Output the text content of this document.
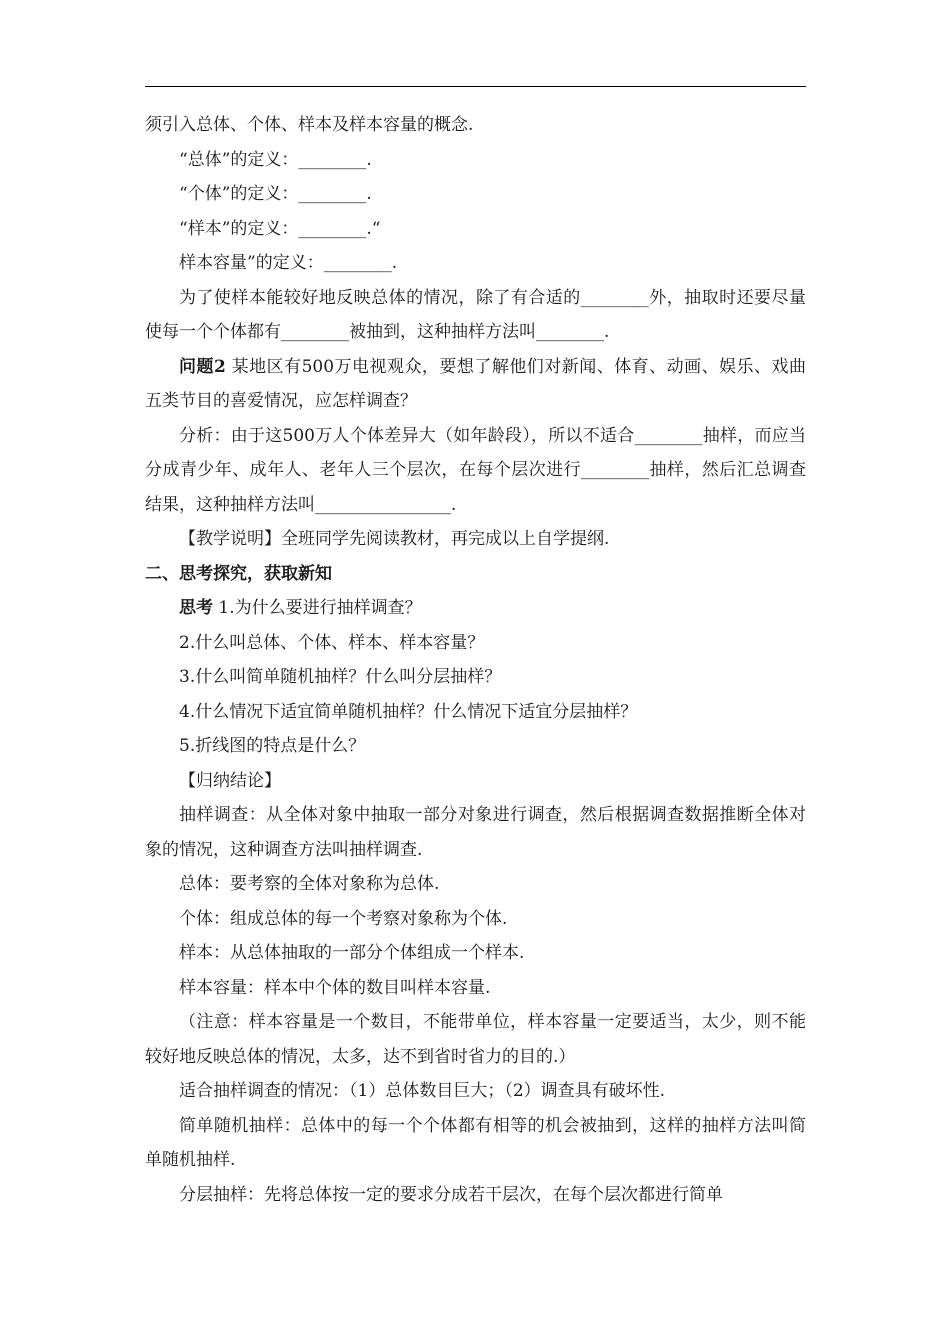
须引入总体、个体、样本及样本容量的概念.

“总体”的定义：________.

“个体”的定义：________.

“样本”的定义：________.“

样本容量”的定义：________.

为了使样本能较好地反映总体的情况，除了有合适的________外，抽取时还要尽量使每一个个体都有________被抽到，这种抽样方法叫________.

问题2 某地区有500万电视观众，要想了解他们对新闻、体育、动画、娱乐、戏曲五类节目的喜爱情况，应怎样调查？

分析：由于这500万人个体差异大（如年龄段），所以不适合________抽样，而应当分成青少年、成年人、老年人三个层次，在每个层次进行________抽样，然后汇总调查结果，这种抽样方法叫________________.

【教学说明】全班同学先阅读教材，再完成以上自学提纲.

二、思考探究，获取新知

思考 1.为什么要进行抽样调查？

2.什么叫总体、个体、样本、样本容量？

3.什么叫简单随机抽样？什么叫分层抽样？

4.什么情况下适宜简单随机抽样？什么情况下适宜分层抽样？

5.折线图的特点是什么？

【归纳结论】

抽样调查：从全体对象中抽取一部分对象进行调查，然后根据调查数据推断全体对象的情况，这种调查方法叫抽样调查.

总体：要考察的全体对象称为总体.

个体：组成总体的每一个考察对象称为个体.

样本：从总体抽取的一部分个体组成一个样本.

样本容量：样本中个体的数目叫样本容量.

（注意：样本容量是一个数目，不能带单位，样本容量一定要适当，太少，则不能较好地反映总体的情况，太多，达不到省时省力的目的.）

适合抽样调查的情况：（1）总体数目巨大；（2）调查具有破坏性.

简单随机抽样：总体中的每一个个体都有相等的机会被抽到，这样的抽样方法叫简单随机抽样.

分层抽样：先将总体按一定的要求分成若干层次，在每个层次都进行简单
